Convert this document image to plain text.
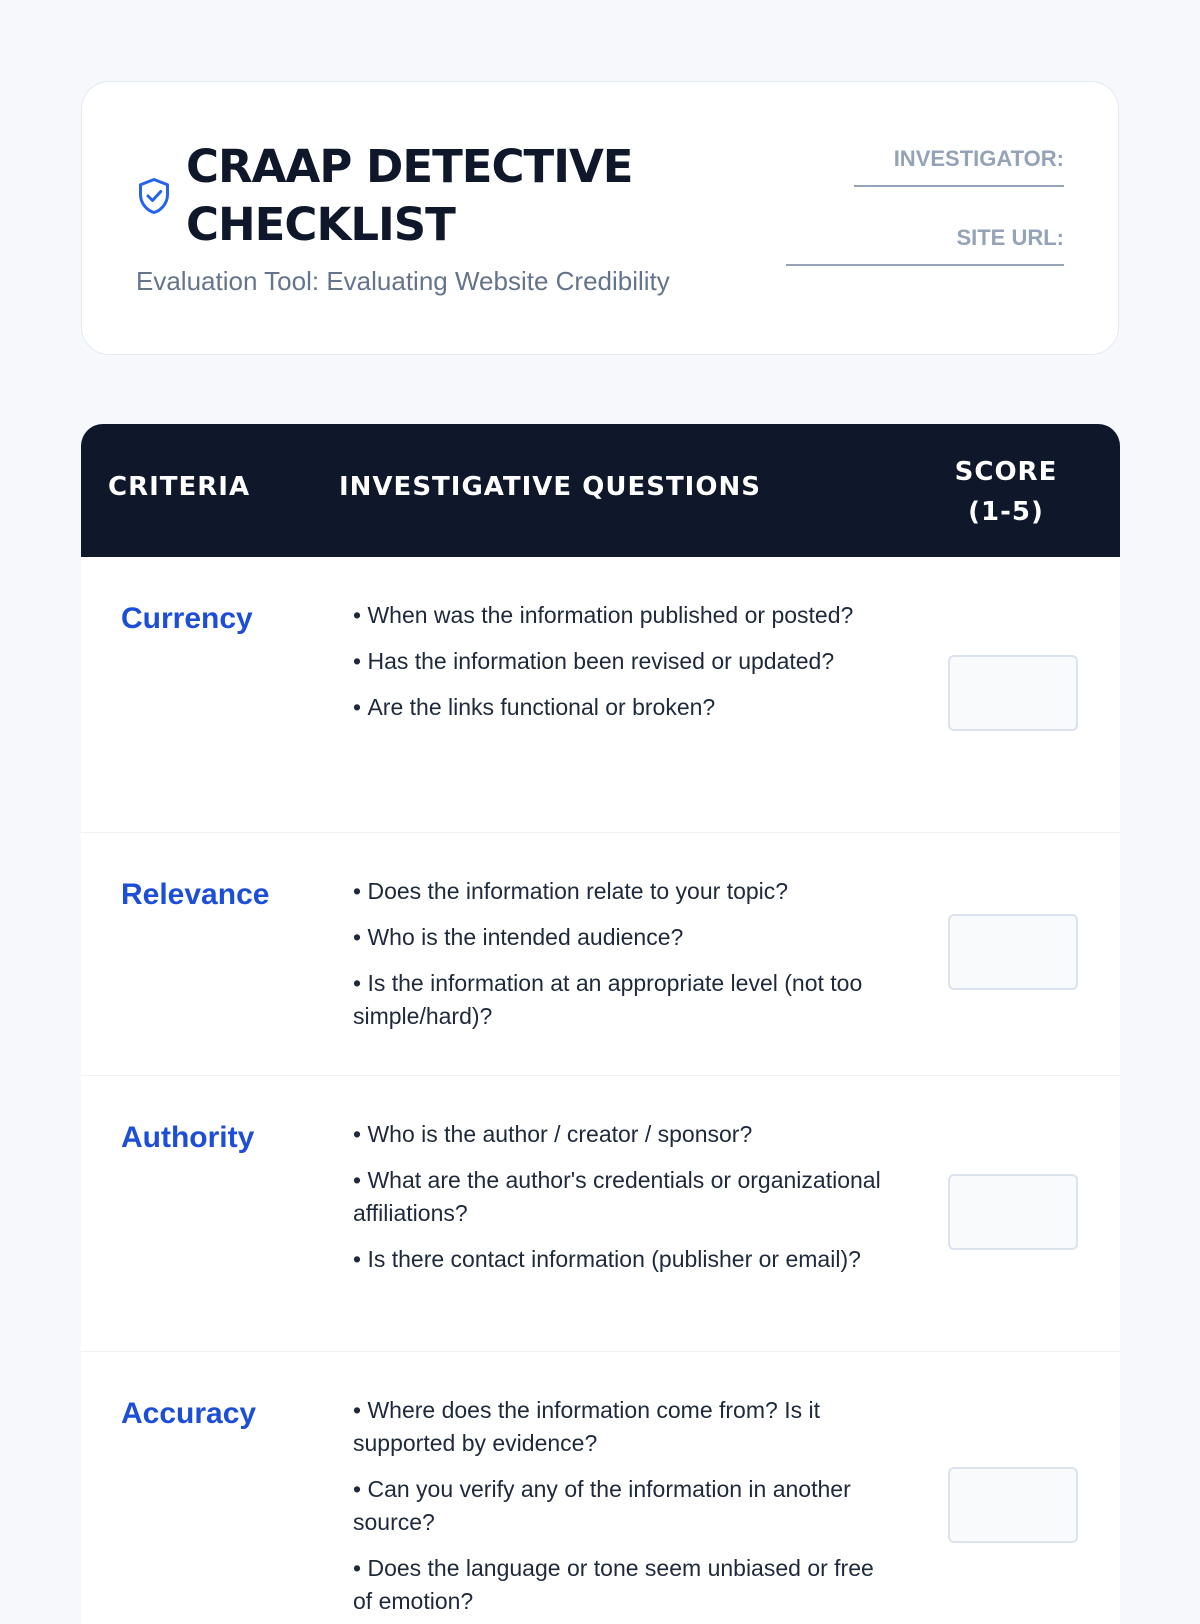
CRAAP DETECTIVE CHECKLIST
Evaluation Tool: Evaluating Website Credibility
INVESTIGATOR:
SITE URL:
CRITERIA	INVESTIGATIVE QUESTIONS	SCORE (1-5)
Currency	• When was the information published or posted?
• Has the information been revised or updated?
• Are the links functional or broken?
Relevance	• Does the information relate to your topic?
• Who is the intended audience?
• Is the information at an appropriate level (not too simple/hard)?
Authority	• Who is the author / creator / sponsor?
• What are the author's credentials or organizational affiliations?
• Is there contact information (publisher or email)?
Accuracy	• Where does the information come from? Is it supported by evidence?
• Can you verify any of the information in another source?
• Does the language or tone seem unbiased or free of emotion?
